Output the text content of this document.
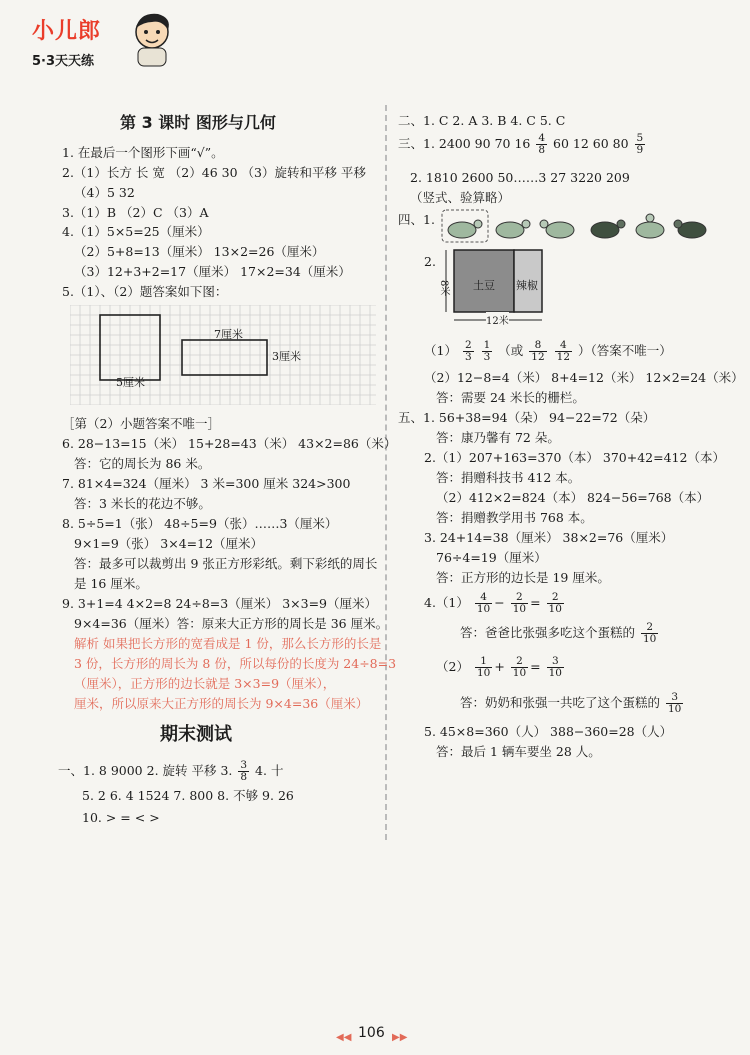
小儿郎
5·3天天练
第 3 课时 图形与几何
1. 在最后一个图形下画“√”。
2.（1）长方 长 宽 （2）46 30 （3）旋转和平移 平移
（4）5 32
3.（1）B （2）C （3）A
4.（1）5×5=25（厘米）
（2）5+8=13（厘米） 13×2=26（厘米）
（3）12+3+2=17（厘米） 17×2=34（厘米）
5.（1）、（2）题答案如下图：
7厘米
3厘米
5厘米
［第（2）小题答案不唯一］
6. 28−13=15（米） 15+28=43（米） 43×2=86（米）
答：它的周长为 86 米。
7. 81×4=324（厘米） 3 米=300 厘米 324>300
答：3 米长的花边不够。
8. 5÷5=1（张） 48÷5=9（张）……3（厘米）
9×1=9（张） 3×4=12（厘米）
答：最多可以裁剪出 9 张正方形彩纸。剩下彩纸的周长
是 16 厘米。
9. 3+1=4 4×2=8 24÷8=3（厘米） 3×3=9（厘米）
9×4=36（厘米）答：原来大正方形的周长是 36 厘米。
解析 如果把长方形的宽看成是 1 份，那么长方形的长是
3 份，长方形的周长为 8 份，所以每份的长度为 24÷8=3
（厘米），正方形的边长就是 3×3=9（厘米），
厘米，所以原来大正方形的周长为 9×4=36（厘米）
期末测试
一、1. 8 9000 2. 旋转 平移 3. $\frac{3}{8} 4$. 十
5. 2 6. 4 1524 7. 800 8. 不够 9. 26
10. > = < >
二、1. C 2. A 3. B 4. C 5. C
三、1. 2400 90 70 $16 \frac{4}{8} 60$ 12 60 $80 \frac{5}{9}$
2. 1810 2600 50……3 27 3220 209
（竖式、验算略）
四、1.
2.
土豆 辣椒
8米
12米
$(1) \frac{2}{3}$
$\frac{1}{3}$ （或 $\frac{8}{12}$
$\frac{4}{12}$ ）（答案不唯一）
（2）12−8=4（米） 8+4=12（米） 12×2=24（米）
答：需要 24 米长的栅栏。
五、1. 56+38=94（朵） 94−22=72（朵）
答：康乃馨有 72 朵。
2.（1）207+163=370（本） 370+42=412（本）
答：捐赠科技书 412 本。
（2）412×2=824（本） 824−56=768（本）
答：捐赠教学用书 768 本。
3. 24+14=38（厘米） 38×2=76（厘米）
76÷4=19（厘米）
答：正方形的边长是 19 厘米。
$4.(1) \frac{4}{10} - \frac{2}{10} = \frac{2}{10}$
答：爸爸比张强多吃这个蛋糕的 $\frac{2}{10}$
$(2) \frac{1}{10} + \frac{2}{10} = \frac{3}{10}$
答：奶奶和张强一共吃了这个蛋糕的 $\frac{3}{10}$
5. 45×8=360（人） 388−360=28（人）
答：最后 1 辆车要坐 28 人。
◀◀ 106 ▶▶
